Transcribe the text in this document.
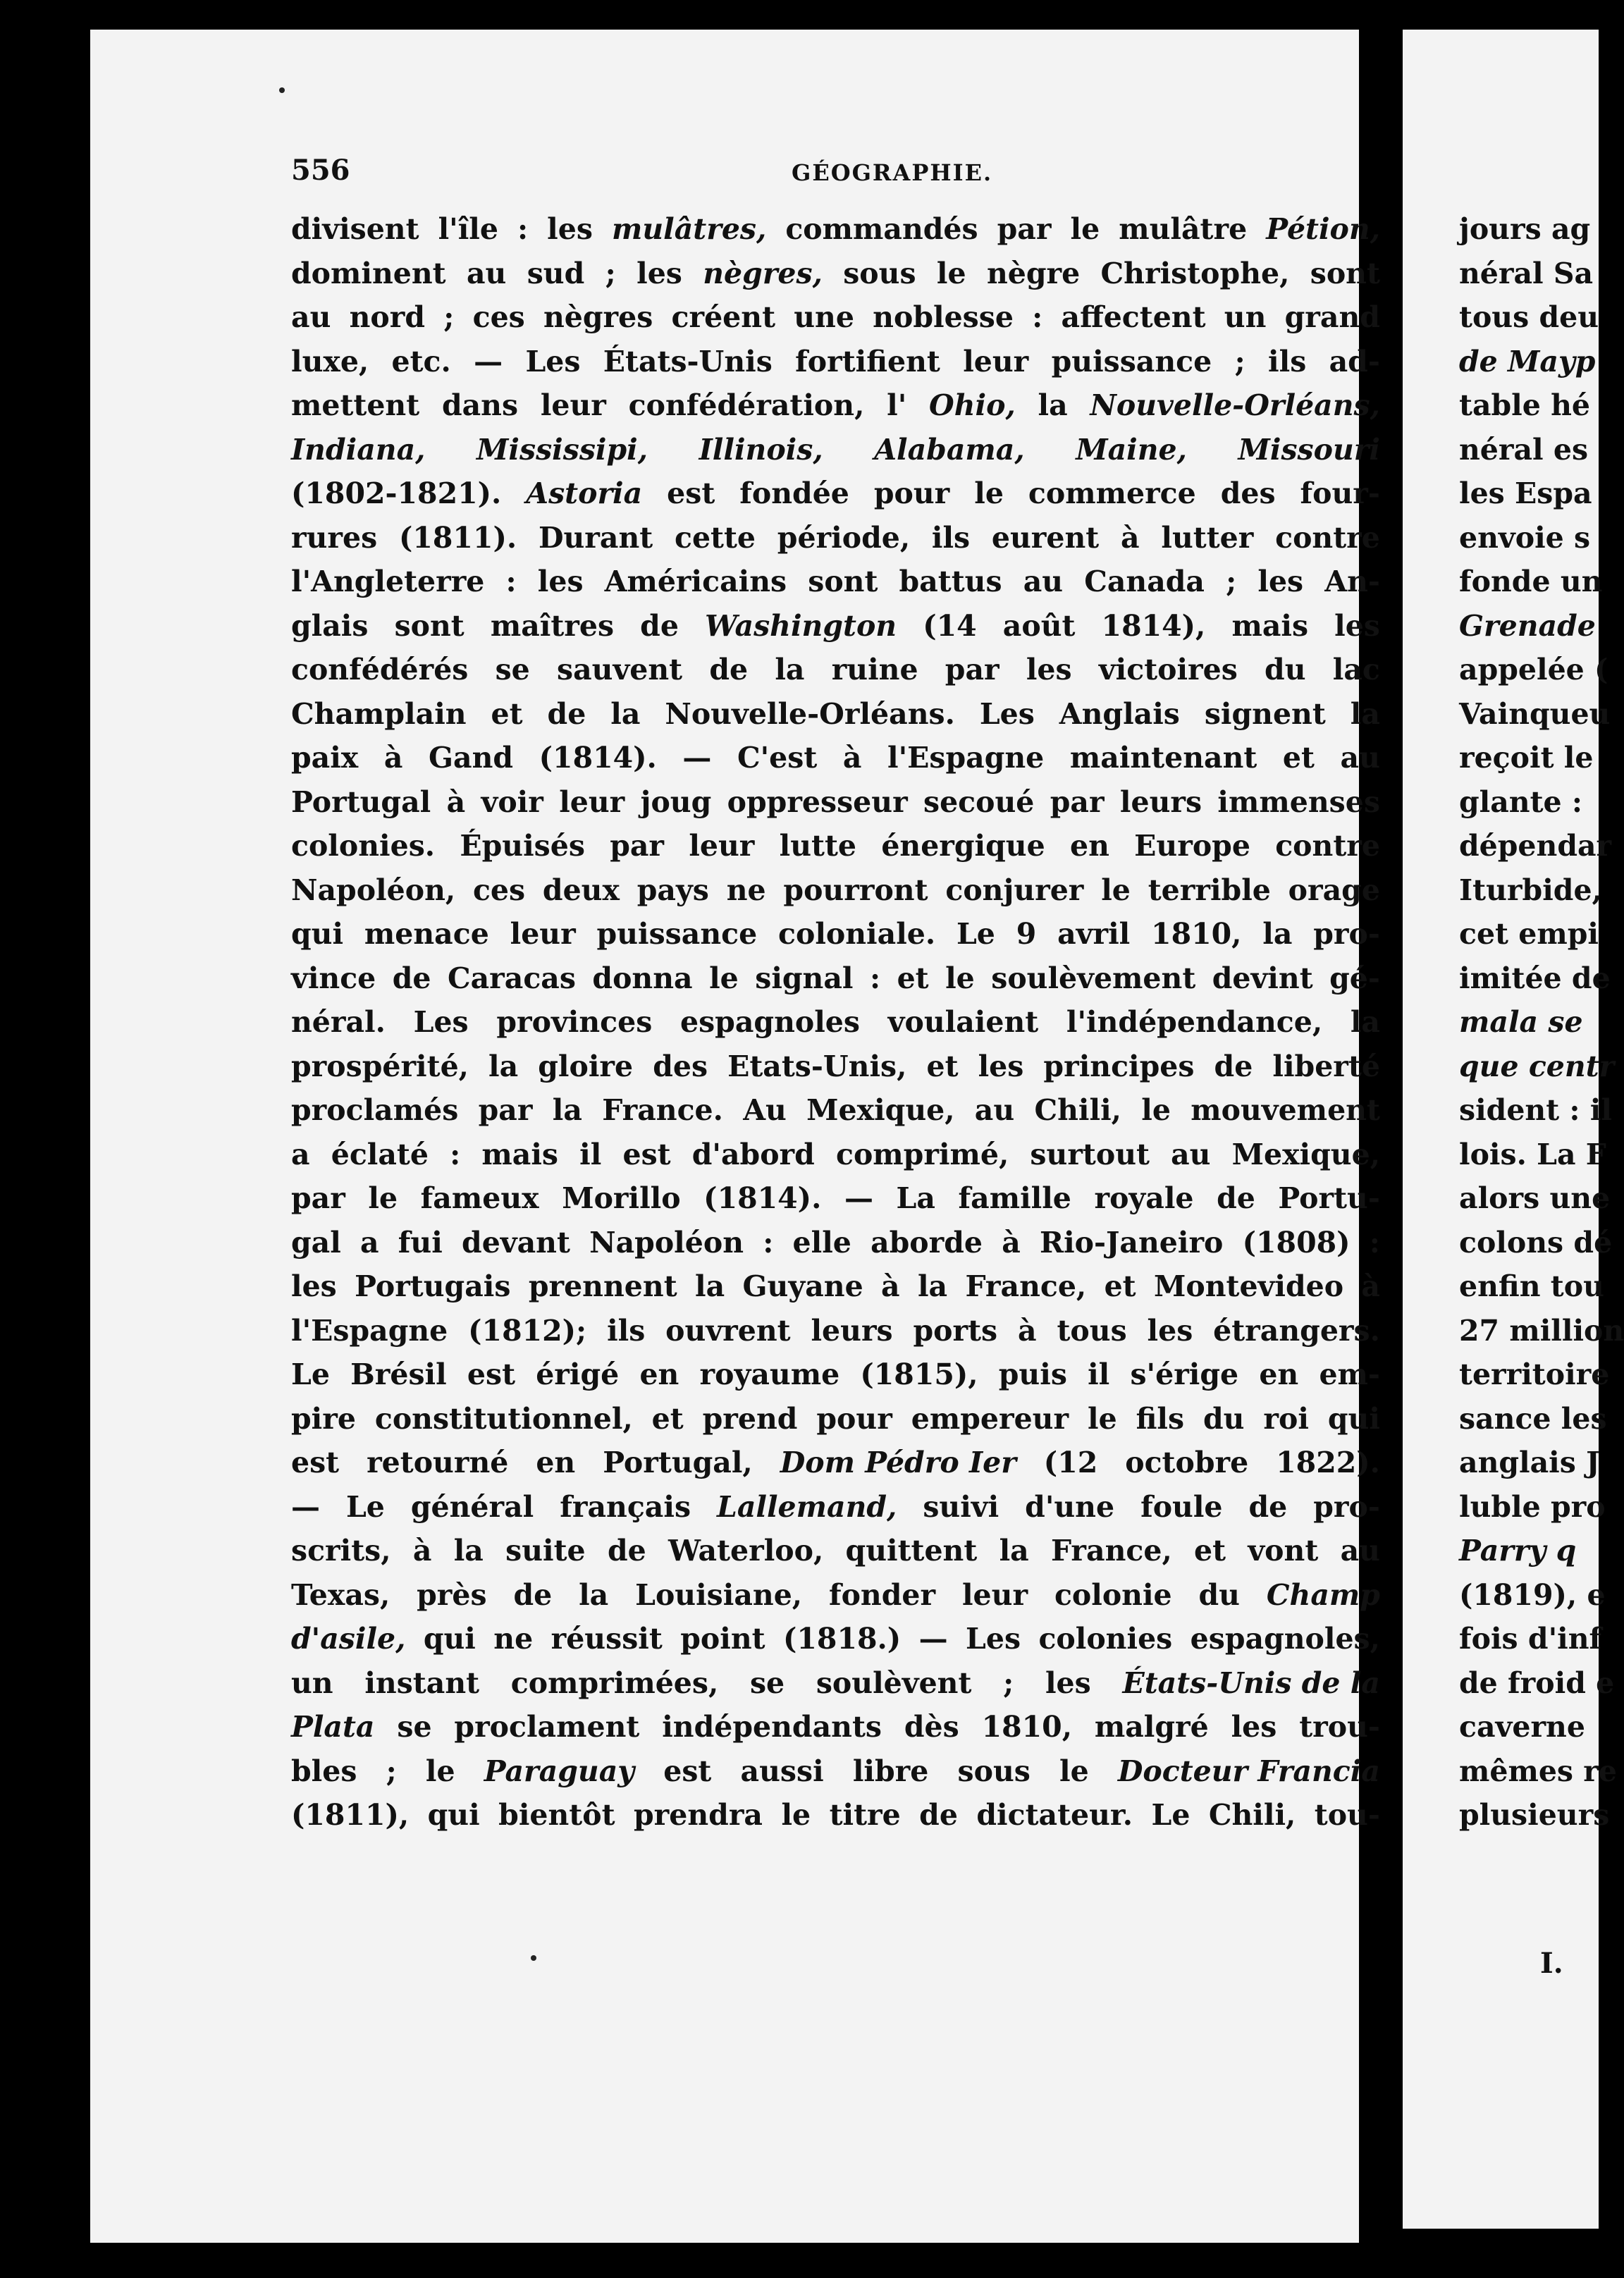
556	GÉOGRAPHIE.
divisent l'île : les mulâtres, commandés par le mulâtre Pétion,
dominent au sud ; les nègres, sous le nègre Christophe, sont
au nord ; ces nègres créent une noblesse : affectent un grand
luxe, etc. — Les États-Unis fortifient leur puissance ; ils ad-
mettent dans leur confédération, l' Ohio, la Nouvelle-Orléans,
Indiana, Mississipi, Illinois, Alabama, Maine, Missouri
(1802-1821). Astoria est fondée pour le commerce des four-
rures (1811). Durant cette période, ils eurent à lutter contre
l'Angleterre : les Américains sont battus au Canada ; les An-
glais sont maîtres de Washington (14 août 1814), mais les
confédérés se sauvent de la ruine par les victoires du lac
Champlain et de la Nouvelle-Orléans. Les Anglais signent la
paix à Gand (1814). — C'est à l'Espagne maintenant et au
Portugal à voir leur joug oppresseur secoué par leurs immenses
colonies. Épuisés par leur lutte énergique en Europe contre
Napoléon, ces deux pays ne pourront conjurer le terrible orage
qui menace leur puissance coloniale. Le 9 avril 1810, la pro-
vince de Caracas donna le signal : et le soulèvement devint gé-
néral. Les provinces espagnoles voulaient l'indépendance, la
prospérité, la gloire des Etats-Unis, et les principes de liberté
proclamés par la France. Au Mexique, au Chili, le mouvement
a éclaté : mais il est d'abord comprimé, surtout au Mexique,
par le fameux Morillo (1814). — La famille royale de Portu-
gal a fui devant Napoléon : elle aborde à Rio-Janeiro (1808) :
les Portugais prennent la Guyane à la France, et Montevideo à
l'Espagne (1812); ils ouvrent leurs ports à tous les étrangers.
Le Brésil est érigé en royaume (1815), puis il s'érige en em-
pire constitutionnel, et prend pour empereur le fils du roi qui
est retourné en Portugal, Dom Pédro Ier (12 octobre 1822).
— Le général français Lallemand, suivi d'une foule de pro-
scrits, à la suite de Waterloo, quittent la France, et vont au
Texas, près de la Louisiane, fonder leur colonie du Champ
d'asile, qui ne réussit point (1818.) — Les colonies espagnoles,
un instant comprimées, se soulèvent ; les États-Unis de la
Plata se proclament indépendants dès 1810, malgré les trou-
bles ; le Paraguay est aussi libre sous le Docteur Francia
(1811), qui bientôt prendra le titre de dictateur. Le Chili, tou-
jours ag
néral Sa
tous deu
de Mayp
table hé
néral es
les Espa
envoie s
fonde un
Grenade
appelée (
Vainqueu
reçoit le
glante :
dépendar
Iturbide,
cet empi
imitée de
mala se
que centr
sident : il
lois. La F
alors une
colons dé
enfin tou
27 million
territoire
sance les
anglais J
luble pro
Parry q
(1819), e
fois d'inf
de froid e
caverne
mêmes re
plusieurs
I.
